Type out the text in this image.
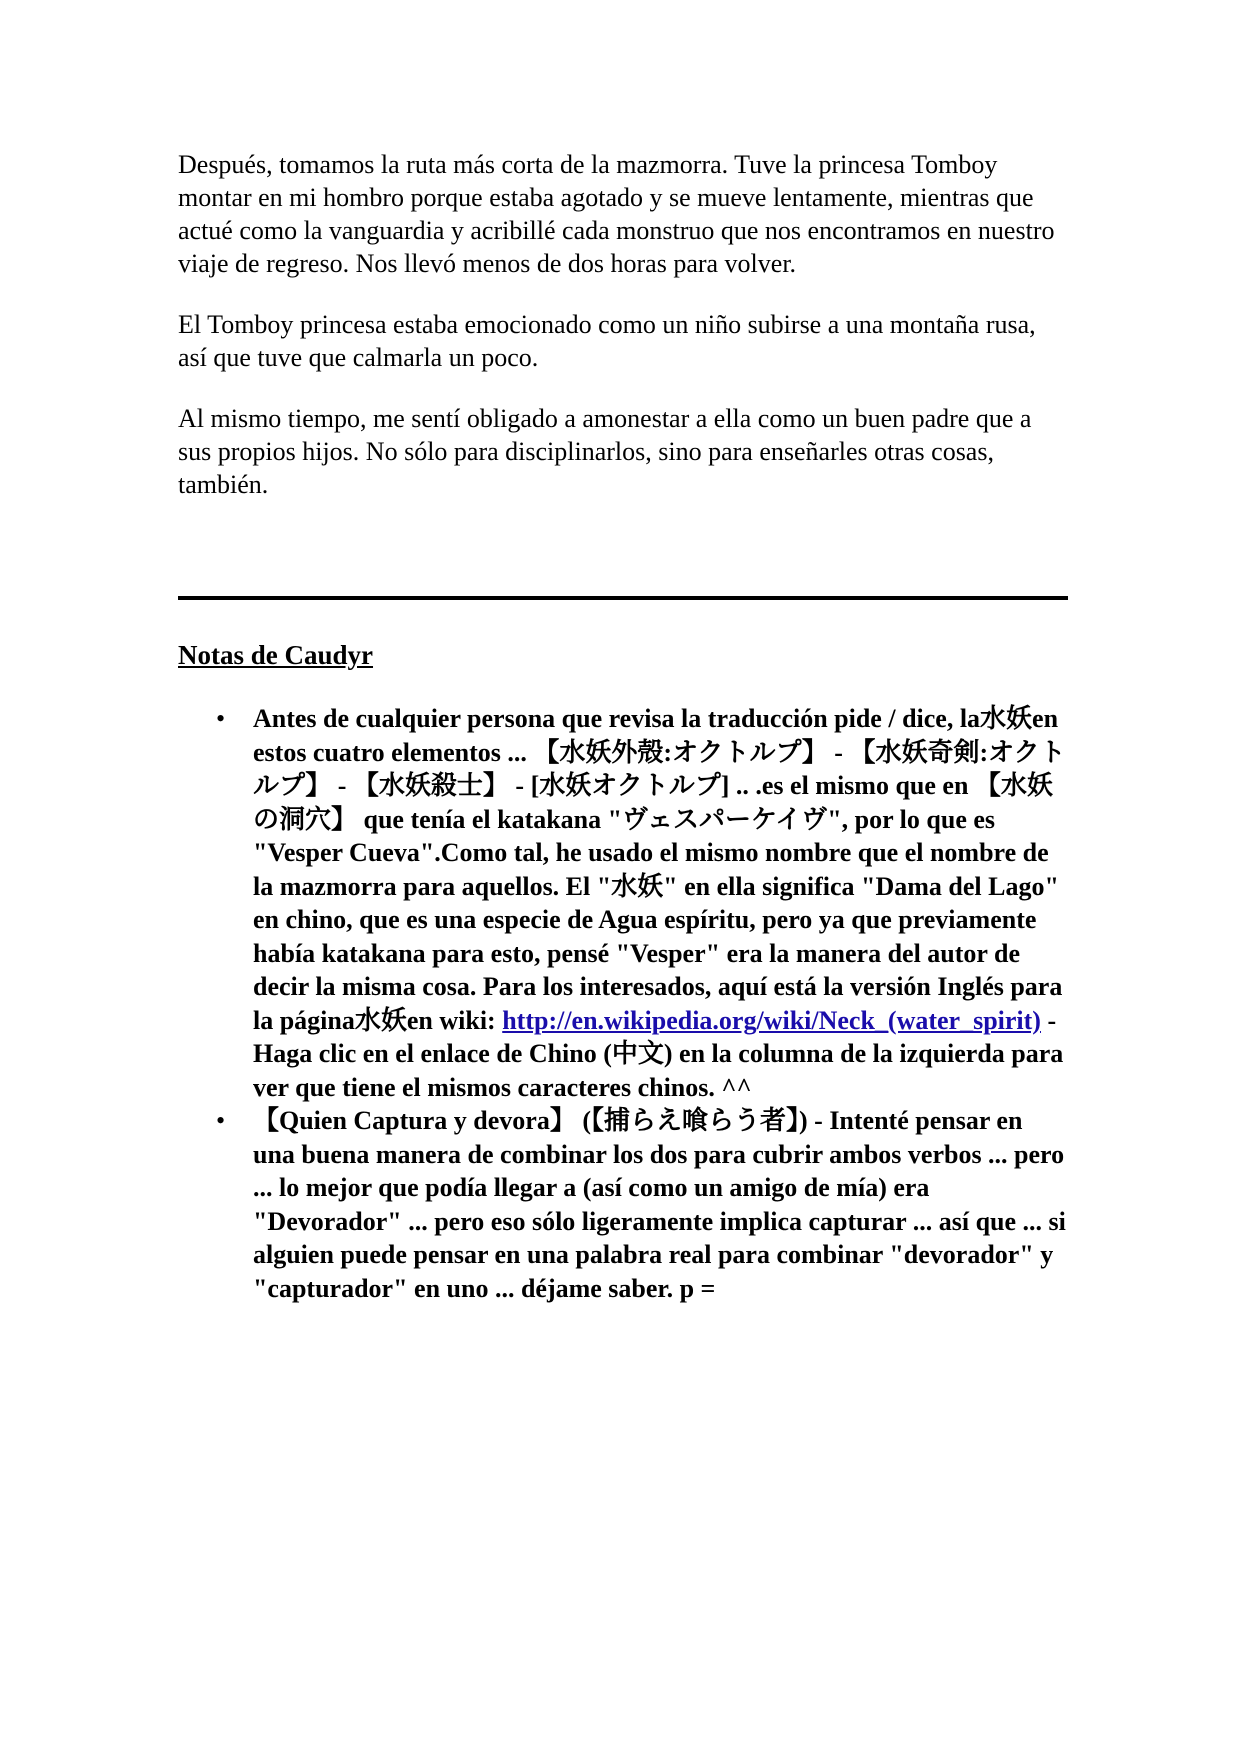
Después, tomamos la ruta más corta de la mazmorra. Tuve la princesa Tomboy montar en mi hombro porque estaba agotado y se mueve lentamente, mientras que actué como la vanguardia y acribillé cada monstruo que nos encontramos en nuestro viaje de regreso. Nos llevó menos de dos horas para volver.

El Tomboy princesa estaba emocionado como un niño subirse a una montaña rusa, así que tuve que calmarla un poco.

Al mismo tiempo, me sentí obligado a amonestar a ella como un buen padre que a sus propios hijos. No sólo para disciplinarlos, sino para enseñarles otras cosas, también.

Notas de Caudyr
• Antes de cualquier persona que revisa la traducción pide / dice, la水妖en estos cuatro elementos ... 【水妖外殻:オクトルプ】 - 【水妖奇剣:オクトルプ】 - 【水妖殺士】 - [水妖オクトルプ] .. .es el mismo que en 【水妖の洞穴】 que tenía el katakana "ヴェスパーケイヴ", por lo que es "Vesper Cueva".Como tal, he usado el mismo nombre que el nombre de la mazmorra para aquellos. El "水妖" en ella significa "Dama del Lago" en chino, que es una especie de Agua espíritu, pero ya que previamente había katakana para esto, pensé "Vesper" era la manera del autor de decir la misma cosa. Para los interesados, aquí está la versión Inglés para la página水妖en wiki: http://en.wikipedia.org/wiki/Neck_(water_spirit) - Haga clic en el enlace de Chino (中文) en la columna de la izquierda para ver que tiene el mismos caracteres chinos. ^^
• 【Quien Captura y devora】 (【捕らえ喰らう者】) - Intenté pensar en una buena manera de combinar los dos para cubrir ambos verbos ... pero ... lo mejor que podía llegar a (así como un amigo de mía) era "Devorador" ... pero eso sólo ligeramente implica capturar ... así que ... si alguien puede pensar en una palabra real para combinar "devorador" y "capturador" en uno ... déjame saber. p =
